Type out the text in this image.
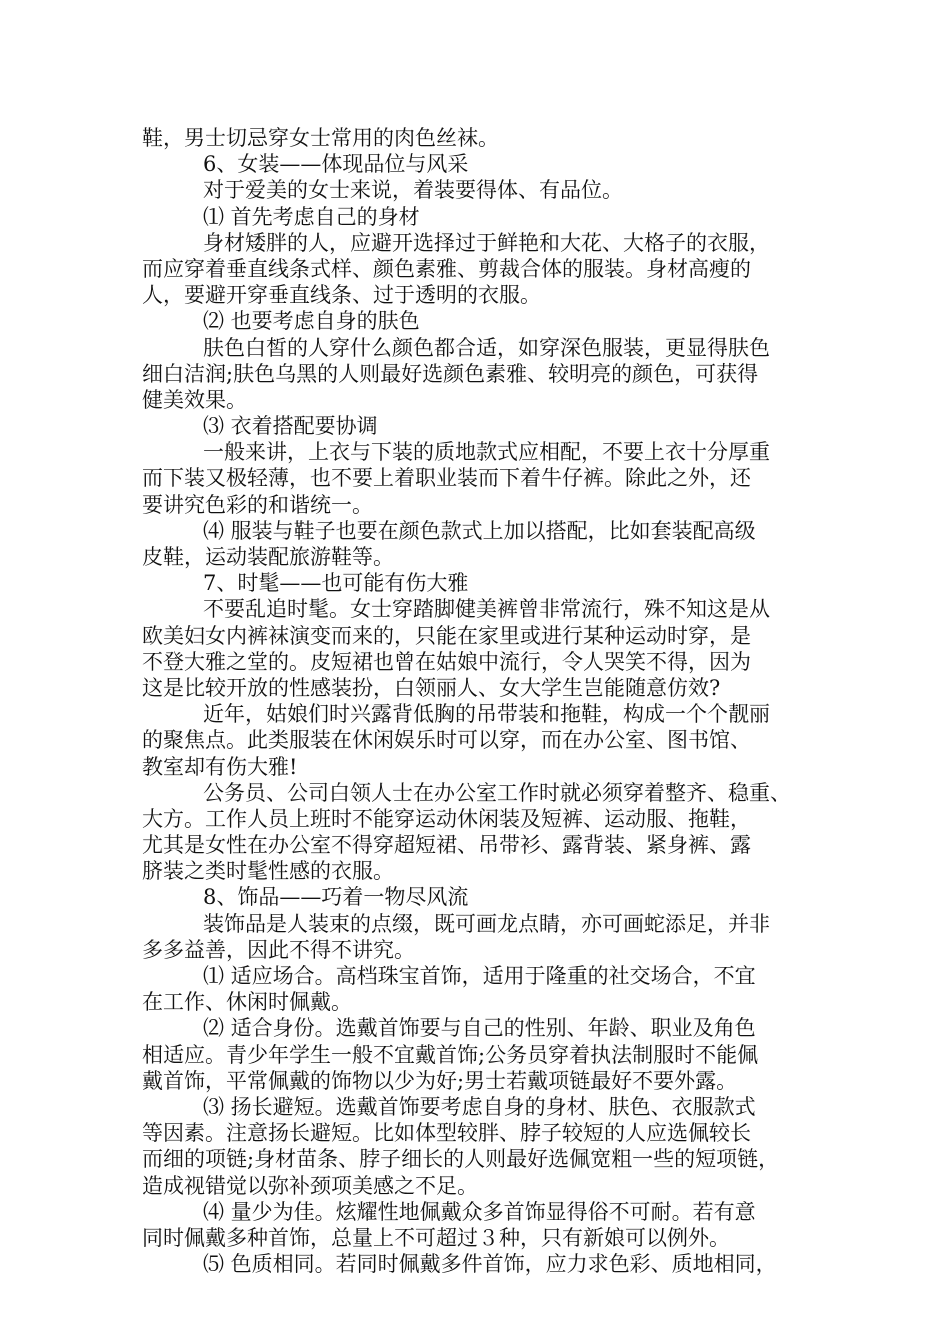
鞋，男士切忌穿女士常用的肉色丝袜。
6、女装——体现品位与风采
对于爱美的女士来说，着装要得体、有品位。
⑴ 首先考虑自己的身材
身材矮胖的人，应避开选择过于鲜艳和大花、大格子的衣服，
而应穿着垂直线条式样、颜色素雅、剪裁合体的服装。身材高瘦的
人，要避开穿垂直线条、过于透明的衣服。
⑵ 也要考虑自身的肤色
肤色白皙的人穿什么颜色都合适，如穿深色服装，更显得肤色
细白洁润;肤色乌黑的人则最好选颜色素雅、较明亮的颜色，可获得
健美效果。
⑶ 衣着搭配要协调
一般来讲，上衣与下装的质地款式应相配，不要上衣十分厚重
而下装又极轻薄，也不要上着职业装而下着牛仔裤。除此之外，还
要讲究色彩的和谐统一。
⑷ 服装与鞋子也要在颜色款式上加以搭配，比如套装配高级
皮鞋，运动装配旅游鞋等。
7、时髦——也可能有伤大雅
不要乱追时髦。女士穿踏脚健美裤曾非常流行，殊不知这是从
欧美妇女内裤袜演变而来的，只能在家里或进行某种运动时穿，是
不登大雅之堂的。皮短裙也曾在姑娘中流行，令人哭笑不得，因为
这是比较开放的性感装扮，白领丽人、女大学生岂能随意仿效?
近年，姑娘们时兴露背低胸的吊带装和拖鞋，构成一个个靓丽
的聚焦点。此类服装在休闲娱乐时可以穿，而在办公室、图书馆、
教室却有伤大雅!
公务员、公司白领人士在办公室工作时就必须穿着整齐、稳重、
大方。工作人员上班时不能穿运动休闲装及短裤、运动服、拖鞋，
尤其是女性在办公室不得穿超短裙、吊带衫、露背装、紧身裤、露
脐装之类时髦性感的衣服。
8、饰品——巧着一物尽风流
装饰品是人装束的点缀，既可画龙点睛，亦可画蛇添足，并非
多多益善，因此不得不讲究。
⑴ 适应场合。高档珠宝首饰，适用于隆重的社交场合，不宜
在工作、休闲时佩戴。
⑵ 适合身份。选戴首饰要与自己的性别、年龄、职业及角色
相适应。青少年学生一般不宜戴首饰;公务员穿着执法制服时不能佩
戴首饰，平常佩戴的饰物以少为好;男士若戴项链最好不要外露。
⑶ 扬长避短。选戴首饰要考虑自身的身材、肤色、衣服款式
等因素。注意扬长避短。比如体型较胖、脖子较短的人应选佩较长
而细的项链;身材苗条、脖子细长的人则最好选佩宽粗一些的短项链，
造成视错觉以弥补颈项美感之不足。
⑷ 量少为佳。炫耀性地佩戴众多首饰显得俗不可耐。若有意
同时佩戴多种首饰，总量上不可超过３种，只有新娘可以例外。
⑸ 色质相同。若同时佩戴多件首饰，应力求色彩、质地相同，
